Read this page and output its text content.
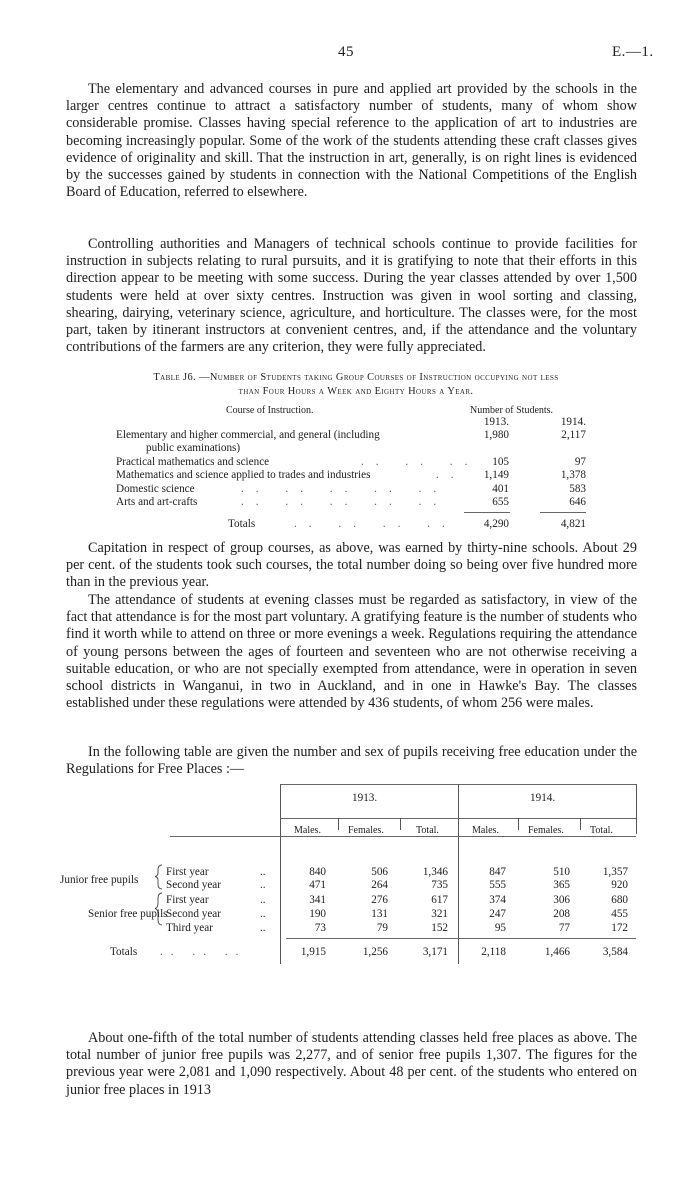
45	E.—1.

The elementary and advanced courses in pure and applied art provided by the schools in the larger centres continue to attract a satisfactory number of students, many of whom show considerable promise. Classes having special reference to the application of art to industries are becoming increasingly popular. Some of the work of the students attending these craft classes gives evidence of originality and skill. That the instruction in art, generally, is on right lines is evidenced by the successes gained by students in connection with the National Competitions of the English Board of Education, referred to elsewhere.

Controlling authorities and Managers of technical schools continue to provide facilities for instruction in subjects relating to rural pursuits, and it is gratifying to note that their efforts in this direction appear to be meeting with some success. During the year classes attended by over 1,500 students were held at over sixty centres. Instruction was given in wool sorting and classing, shearing, dairying, veterinary science, agriculture, and horticulture. The classes were, for the most part, taken by itinerant instructors at convenient centres, and, if the attendance and the voluntary contributions of the farmers are any criterion, they were fully appreciated.

Table J6. —Number of Students taking Group Courses of Instruction occupying not less
than Four Hours a Week and Eighty Hours a Year.
Course of Instruction.	Number of Students.
1913.	1914.
Elementary and higher commercial, and general (including	1,980	2,117
public examinations)
Practical mathematics and science	.. .. ..	105	97
Mathematics and science applied to trades and industries	..	1,149	1,378
Domestic science	.. .. .. .. ..	401	583
Arts and art-crafts	.. .. .. .. ..	655	646
Totals	.. .. .. ..	4,290	4,821

Capitation in respect of group courses, as above, was earned by thirty-nine schools. About 29 per cent. of the students took such courses, the total number doing so being over five hundred more than in the previous year.

The attendance of students at evening classes must be regarded as satisfactory, in view of the fact that attendance is for the most part voluntary. A gratifying feature is the number of students who find it worth while to attend on three or more evenings a week. Regulations requiring the attendance of young persons between the ages of fourteen and seventeen who are not otherwise receiving a suitable education, or who are not specially exempted from attendance, were in operation in seven school districts in Wanganui, in two in Auckland, and in one in Hawke's Bay. The classes established under these regulations were attended by 436 students, of whom 256 were males.

In the following table are given the number and sex of pupils receiving free education under the Regulations for Free Places :—

1913.	1914.
Males.	Females.	Total.	Males.	Females.	Total.
Junior free pupils
Senior free pupils
First year	..	840	506	1,346	847	510	1,357
Second year	..	471	264	735	555	365	920
First year	..	341	276	617	374	306	680
Second year	..	190	131	321	247	208	455
Third year	..	73	79	152	95	77	172
Totals .. .. ..	1,915	1,256	3,171	2,118	1,466	3,584

About one-fifth of the total number of students attending classes held free places as above. The total number of junior free pupils was 2,277, and of senior free pupils 1,307. The figures for the previous year were 2,081 and 1,090 respectively. About 48 per cent. of the students who entered on junior free places in 1913
